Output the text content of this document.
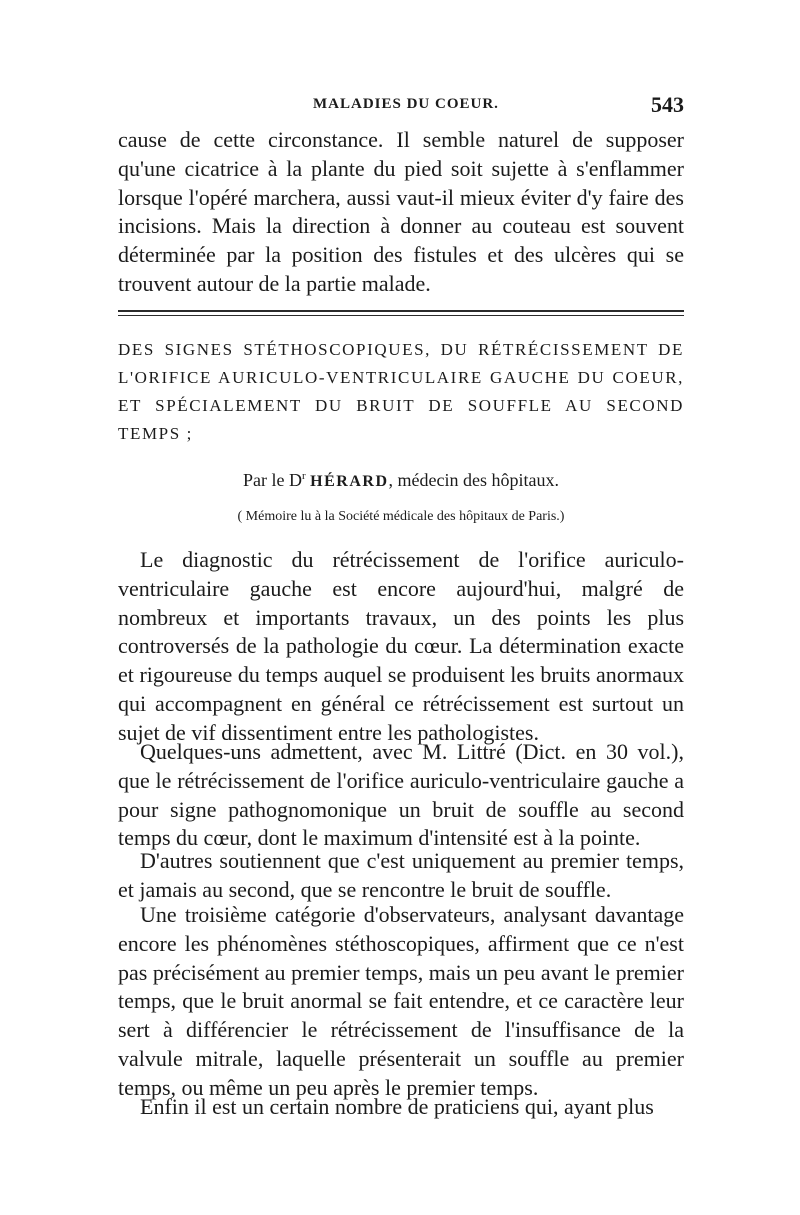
MALADIES DU COEUR.	543

cause de cette circonstance. Il semble naturel de supposer qu'une cicatrice à la plante du pied soit sujette à s'enflammer lorsque l'opéré marchera, aussi vaut-il mieux éviter d'y faire des incisions. Mais la direction à donner au couteau est souvent déterminée par la position des fistules et des ulcères qui se trouvent autour de la partie malade.

DES SIGNES STÉTHOSCOPIQUES, DU RÉTRÉCISSEMENT DE L'ORIFICE AURICULO-VENTRICULAIRE GAUCHE DU COEUR, ET SPÉCIALEMENT DU BRUIT DE SOUFFLE AU SECOND TEMPS ;
Par le $D^r$ HÉRARD, médecin des hôpitaux.
( Mémoire lu à la Société médicale des hôpitaux de Paris.)

Le diagnostic du rétrécissement de l'orifice auriculo-ventriculaire gauche est encore aujourd'hui, malgré de nombreux et importants travaux, un des points les plus controversés de la pathologie du cœur. La détermination exacte et rigoureuse du temps auquel se produisent les bruits anormaux qui accompagnent en général ce rétrécissement est surtout un sujet de vif dissentiment entre les pathologistes.

Quelques-uns admettent, avec M. Littré (Dict. en 30 vol.), que le rétrécissement de l'orifice auriculo-ventriculaire gauche a pour signe pathognomonique un bruit de souffle au second temps du cœur, dont le maximum d'intensité est à la pointe.

D'autres soutiennent que c'est uniquement au premier temps, et jamais au second, que se rencontre le bruit de souffle.

Une troisième catégorie d'observateurs, analysant davantage encore les phénomènes stéthoscopiques, affirment que ce n'est pas précisément au premier temps, mais un peu avant le premier temps, que le bruit anormal se fait entendre, et ce caractère leur sert à différencier le rétrécissement de l'insuffisance de la valvule mitrale, laquelle présenterait un souffle au premier temps, ou même un peu après le premier temps.

Enfin il est un certain nombre de praticiens qui, ayant plus
